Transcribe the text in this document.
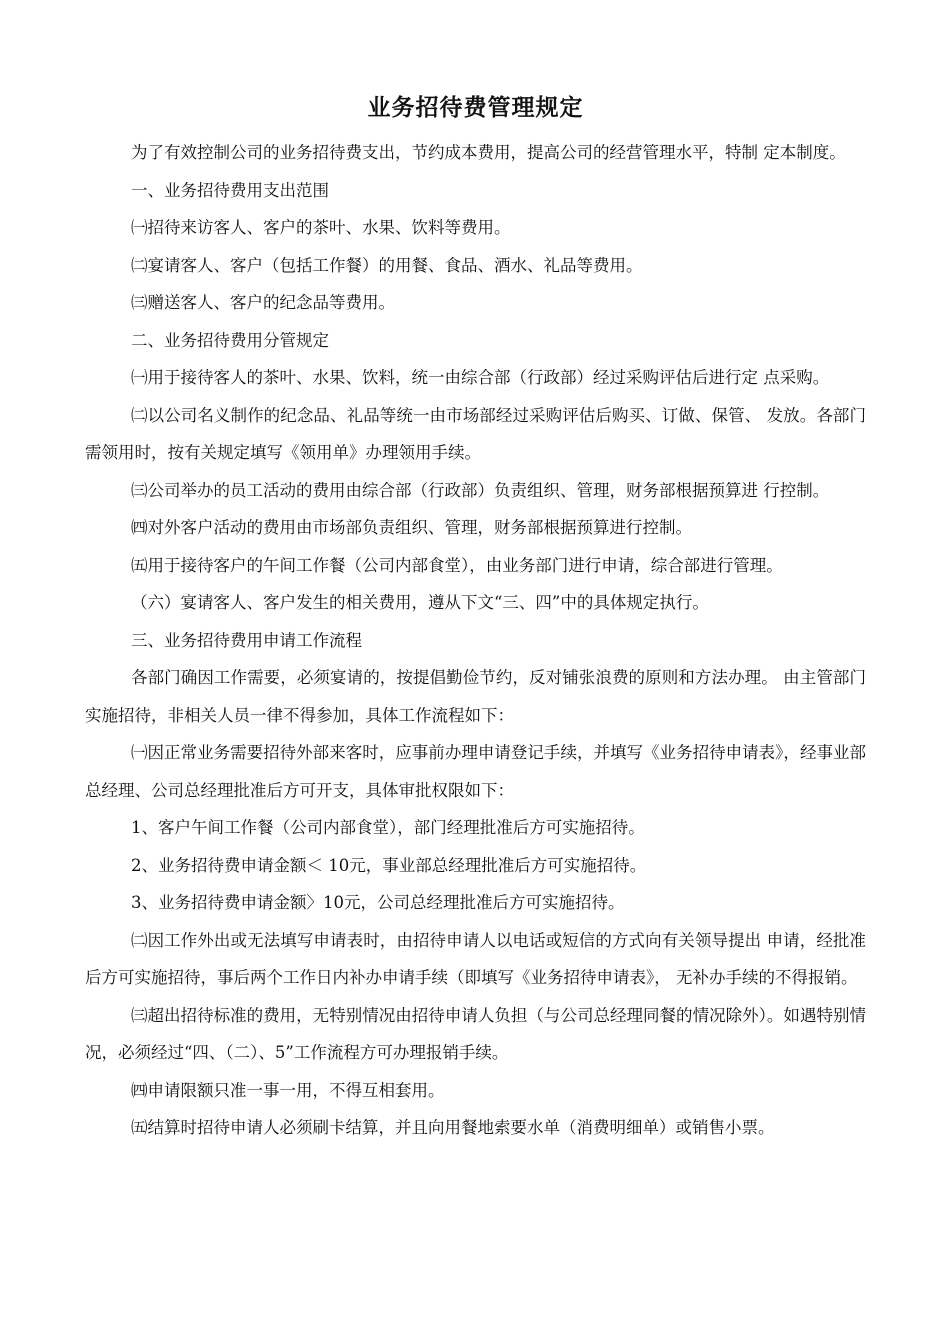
业务招待费管理规定

为了有效控制公司的业务招待费支出，节约成本费用，提高公司的经营管理水平，特制 定本制度。

一、业务招待费用支出范围

㈠招待来访客人、客户的茶叶、水果、饮料等费用。

㈡宴请客人、客户（包括工作餐）的用餐、食品、酒水、礼品等费用。

㈢赠送客人、客户的纪念品等费用。

二、业务招待费用分管规定

㈠用于接待客人的茶叶、水果、饮料，统一由综合部（行政部）经过采购评估后进行定 点采购。

㈡以公司名义制作的纪念品、礼品等统一由市场部经过采购评估后购买、订做、保管、 发放。各部门需领用时，按有关规定填写《领用单》办理领用手续。

㈢公司举办的员工活动的费用由综合部（行政部）负责组织、管理，财务部根据预算进 行控制。

㈣对外客户活动的费用由市场部负责组织、管理，财务部根据预算进行控制。

㈤用于接待客户的午间工作餐（公司内部食堂），由业务部门进行申请，综合部进行管理。

（六）宴请客人、客户发生的相关费用，遵从下文“三、四”中的具体规定执行。

三、业务招待费用申请工作流程

各部门确因工作需要，必须宴请的，按提倡勤俭节约，反对铺张浪费的原则和方法办理。 由主管部门实施招待，非相关人员一律不得参加，具体工作流程如下：

㈠因正常业务需要招待外部来客时，应事前办理申请登记手续，并填写《业务招待申请表》，经事业部总经理、公司总经理批准后方可开支，具体审批权限如下：

1、客户午间工作餐（公司内部食堂），部门经理批准后方可实施招待。

2、业务招待费申请金额＜ 10元，事业部总经理批准后方可实施招待。

3、业务招待费申请金额〉10元，公司总经理批准后方可实施招待。

㈡因工作外出或无法填写申请表时，由招待申请人以电话或短信的方式向有关领导提出 申请，经批准后方可实施招待，事后两个工作日内补办申请手续（即填写《业务招待申请表》， 无补办手续的不得报销。

㈢超出招待标准的费用，无特别情况由招待申请人负担（与公司总经理同餐的情况除外）。如遇特别情况，必须经过“四、（二）、5”工作流程方可办理报销手续。

㈣申请限额只准一事一用，不得互相套用。

㈤结算时招待申请人必须刷卡结算，并且向用餐地索要水单（消费明细单）或销售小票。
